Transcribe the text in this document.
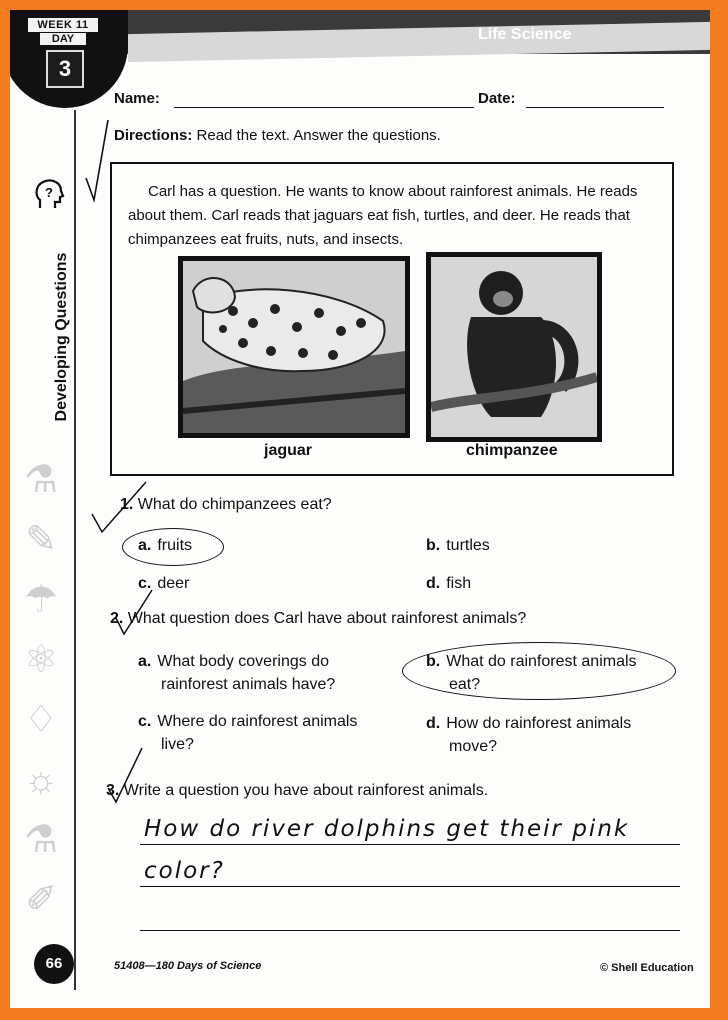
Life Science
WEEK 11
DAY
3
⚗
✎
☂
⚛
♢
☼
⚗
✐
?
Developing Questions
Name:	Date:
Directions: Read the text. Answer the questions.
Carl has a question. He wants to know about rainforest animals. He reads about them. Carl reads that jaguars eat fish, turtles, and deer. He reads that chimpanzees eat fruits, nuts, and insects.
jaguar	chimpanzee
1. What do chimpanzees eat?
a. fruits	b. turtles
c. deer	d. fish
2. What question does Carl have about rainforest animals?
a. What body coverings do
rainforest animals have?
b. What do rainforest animals
eat?
c. Where do rainforest animals
live?
d. How do rainforest animals
move?
3. Write a question you have about rainforest animals.
How do river dolphins get their pink
color?
66	51408—180 Days of Science	© Shell Education
